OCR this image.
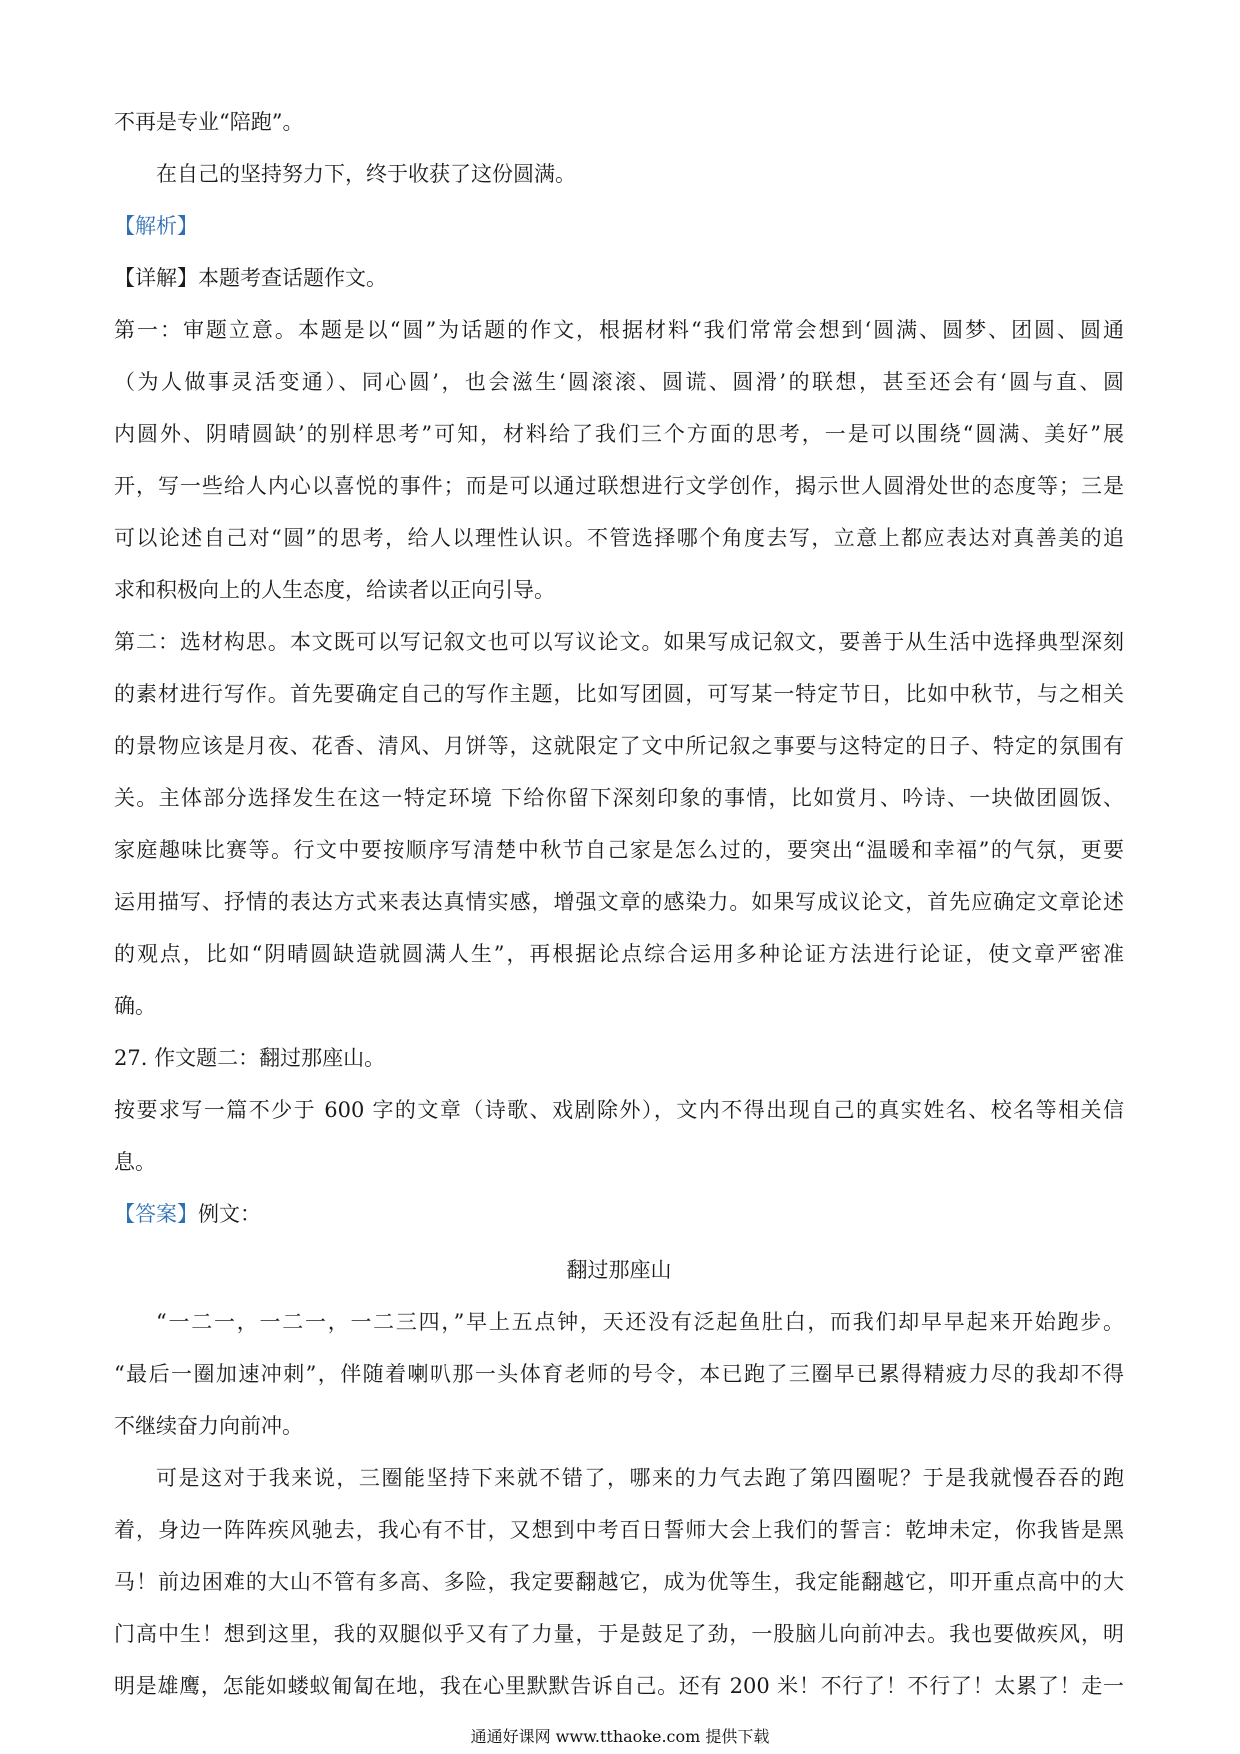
不再是专业“陪跑”。
在自己的坚持努力下，终于收获了这份圆满。
【解析】
【详解】本题考查话题作文。
第一：审题立意。本题是以“圆”为话题的作文，根据材料“我们常常会想到‘圆满、圆梦、团圆、圆通
（为人做事灵活变通）、同心圆’，也会滋生‘圆滚滚、圆谎、圆滑’的联想，甚至还会有‘圆与直、圆
内圆外、阴晴圆缺’的别样思考”可知，材料给了我们三个方面的思考，一是可以围绕“圆满、美好”展
开，写一些给人内心以喜悦的事件；而是可以通过联想进行文学创作，揭示世人圆滑处世的态度等；三是
可以论述自己对“圆”的思考，给人以理性认识。不管选择哪个角度去写，立意上都应表达对真善美的追
求和积极向上的人生态度，给读者以正向引导。
第二：选材构思。本文既可以写记叙文也可以写议论文。如果写成记叙文，要善于从生活中选择典型深刻
的素材进行写作。首先要确定自己的写作主题，比如写团圆，可写某一特定节日，比如中秋节，与之相关
的景物应该是月夜、花香、清风、月饼等，这就限定了文中所记叙之事要与这特定的日子、特定的氛围有
关。主体部分选择发生在这一特定环境 下给你留下深刻印象的事情，比如赏月、吟诗、一块做团圆饭、
家庭趣味比赛等。行文中要按顺序写清楚中秋节自己家是怎么过的，要突出“温暖和幸福”的气氛，更要
运用描写、抒情的表达方式来表达真情实感，增强文章的感染力。如果写成议论文，首先应确定文章论述
的观点，比如“阴晴圆缺造就圆满人生”，再根据论点综合运用多种论证方法进行论证，使文章严密准
确。
27. 作文题二：翻过那座山。
按要求写一篇不少于 600 字的文章（诗歌、戏剧除外），文内不得出现自己的真实姓名、校名等相关信
息。
【答案】例文：
翻过那座山
“一二一，一二一，一二三四，”早上五点钟，天还没有泛起鱼肚白，而我们却早早起来开始跑步。
“最后一圈加速冲刺”，伴随着喇叭那一头体育老师的号令，本已跑了三圈早已累得精疲力尽的我却不得
不继续奋力向前冲。
可是这对于我来说，三圈能坚持下来就不错了，哪来的力气去跑了第四圈呢？于是我就慢吞吞的跑
着，身边一阵阵疾风驰去，我心有不甘，又想到中考百日誓师大会上我们的誓言：乾坤未定，你我皆是黑
马！前边困难的大山不管有多高、多险，我定要翻越它，成为优等生，我定能翻越它，叩开重点高中的大
门高中生！想到这里，我的双腿似乎又有了力量，于是鼓足了劲，一股脑儿向前冲去。我也要做疾风，明
明是雄鹰，怎能如蝼蚁匍匐在地，我在心里默默告诉自己。还有 200 米！不行了！不行了！太累了！走一
通通好课网 www.tthaoke.com 提供下载
